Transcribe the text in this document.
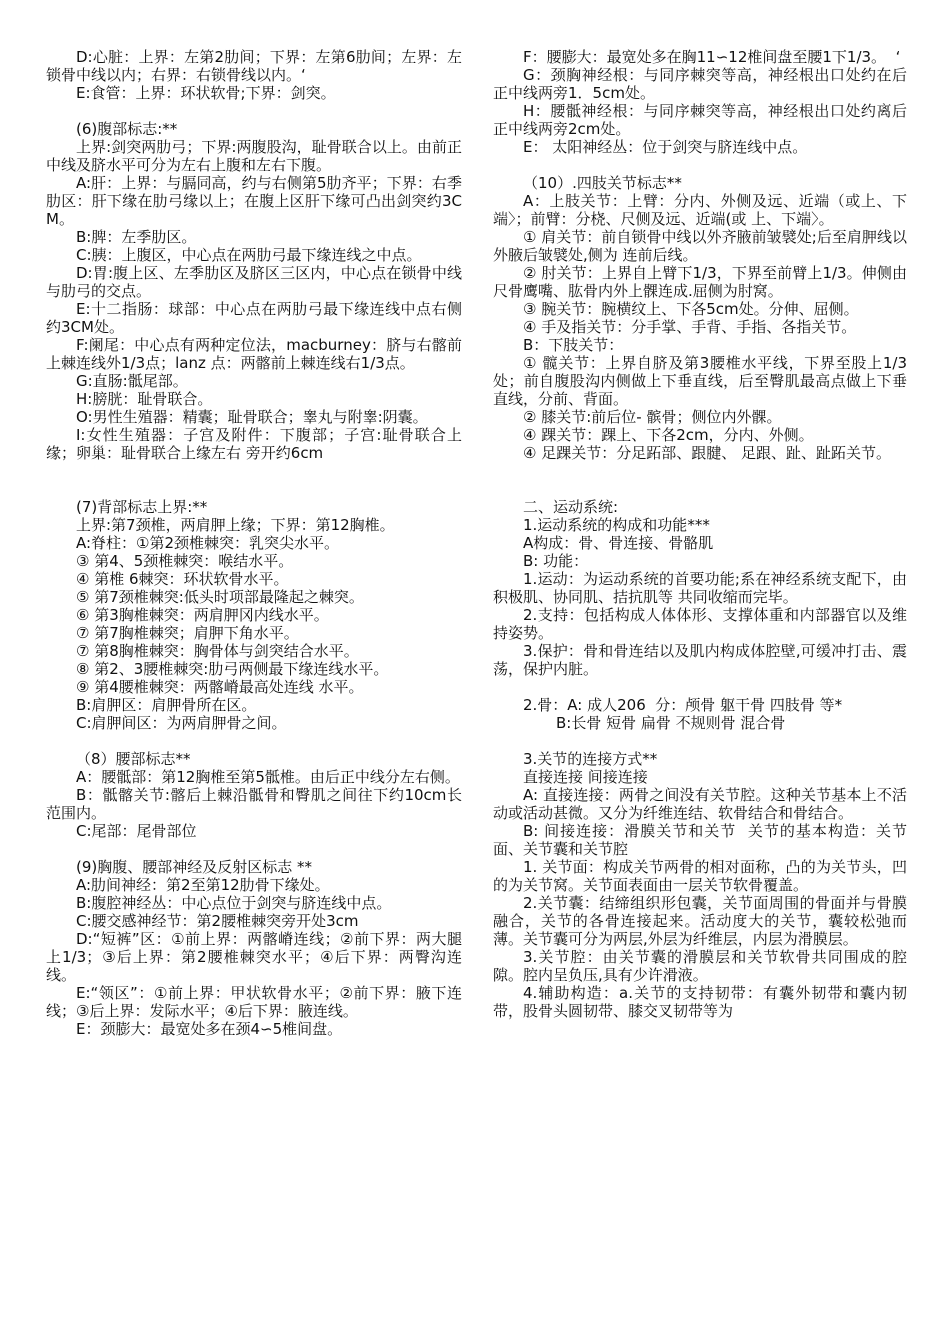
D:心脏：上界：左第2肋间；下界：左第6肋间；左界：左锁骨中线以内；右界：右锁骨线以内。‘

E:食管：上界：环状软骨;下界：剑突。

(6)腹部标志:**

上界:剑突两肋弓；下界:两腹股沟，耻骨联合以上。由前正中线及脐水平可分为左右上腹和左右下腹。

A:肝：上界：与膈同高，约与右侧第5肋齐平；下界：右季肋区：肝下缘在肋弓缘以上；在腹上区肝下缘可凸出剑突约3CM。

B:脾：左季肋区。

C:胰：上腹区，中心点在两肋弓最下缘连线之中点。

D:胃:腹上区、左季肋区及脐区三区内，中心点在锁骨中线与肋弓的交点。

E:十二指肠：球部：中心点在两肋弓最下缘连线中点右侧约3CM处。

F:阑尾：中心点有两种定位法，macburney：脐与右髂前上棘连线外1/3点；lanz 点：两髂前上棘连线右1/3点。

G:直肠:骶尾部。

H:膀胱：耻骨联合。

O:男性生殖器：精囊；耻骨联合；睾丸与附睾:阴囊。

I:女性生殖器：子宫及附件：下腹部；子宫:耻骨联合上缘；卵巢：耻骨联合上缘左右 旁开约6cm

(7)背部标志上界:**

上界:第7颈椎，两肩胛上缘；下界：第12胸椎。

A:脊柱：①第2颈椎棘突：乳突尖水平。

③ 第4、5颈椎棘突：喉结水平。

④ 第椎 6棘突：环状软骨水平。

⑤ 第7颈椎棘突:低头时项部最隆起之棘突。

⑥ 第3胸椎棘突：两肩胛冈内线水平。

⑦ 第7胸椎棘突；肩胛下角水平。

⑦ 第8胸椎棘突：胸骨体与剑突结合水平。

⑧ 第2、3腰椎棘突:肋弓两侧最下缘连线水平。

⑨ 第4腰椎棘突：两髂嵴最高处连线 水平。

B:肩胛区：肩胛骨所在区。

C:肩胛间区：为两肩胛骨之间。

（8）腰部标志**

A：腰骶部：第12胸椎至第5骶椎。由后正中线分左右侧。

B：骶髂关节:髂后上棘沿骶骨和臀肌之间往下约10cm长范围内。

C:尾部：尾骨部位

(9)胸腹、腰部神经及反射区标志 **

A:肋间神经：第2至第12肋骨下缘处。

B:腹腔神经丛：中心点位于剑突与脐连线中点。

C:腰交感神经节：第2腰椎棘突旁开处3cm

D:“短裤”区：①前上界：两髂嵴连线；②前下界：两大腿上1/3；③后上界：第2腰椎棘突水平；④后下界：两臀沟连线。

E:“领区”：①前上界：甲状软骨水平；②前下界：腋下连线；③后上界：发际水平；④后下界：腋连线。

E：颈膨大：最宽处多在颈4∽5椎间盘。

F：腰膨大：最宽处多在胸11∽12椎间盘至腰1下1/3。  ‘

G：颈胸神经根：与同序棘突等高，神经根出口处约在后正中线两旁1．5cm处。

H：腰骶神经根：与同序棘突等高，神经根出口处约离后正中线两旁2cm处。

E： 太阳神经丛：位于剑突与脐连线中点。

（10）.四肢关节标志**

A：上肢关节：上臂：分内、外侧及远、近端（或上、下端〉；前臂：分桡、尺侧及远、近端(或 上、下端〉。

① 肩关节：前自锁骨中线以外齐腋前皱襞处;后至肩胛线以外腋后皱襞处,侧为 连前后线。

② 肘关节：上界自上臂下1/3，下界至前臂上1/3。伸侧由尺骨鹰嘴、肱骨内外上髁连成.屈侧为肘窝。

③ 腕关节：腕横纹上、下各5cm处。分伸、屈侧。

④ 手及指关节：分手掌、手背、手指、各指关节。

B：下肢关节：

① 髋关节：上界自脐及第3腰椎水平线，下界至股上1/3处；前自腹股沟内侧做上下垂直线，后至臀肌最高点做上下垂直线，分前、背面。

② 膝关节:前后位- 髌骨；侧位内外髁。

④ 踝关节：踝上、下各2cm，分内、外侧。

④ 足踝关节：分足跖部、跟腱、 足跟、趾、趾跖关节。

二、运动系统:

1.运动系统的构成和功能***

A构成：骨、骨连接、骨骼肌

B: 功能：

1.运动：为运动系统的首要功能;系在神经系统支配下，由积极肌、协同肌、拮抗肌等 共同收缩而完毕。

2.支持：包括构成人体体形、支撑体重和内部器官以及维持姿势。

3.保护：骨和骨连结以及肌内构成体腔壁,可缓冲打击、震荡，保护内脏。

2.骨：A: 成人206  分：颅骨 躯干骨 四肢骨 等*

B:长骨 短骨 扁骨 不规则骨 混合骨

3.关节的连接方式**

直接连接 间接连接

A: 直接连接：两骨之间没有关节腔。这种关节基本上不活动或活动甚微。又分为纤维连结、软骨结合和骨结合。

B: 间接连接：滑膜关节和关节  关节的基本构造：关节面、关节囊和关节腔

1. 关节面：构成关节两骨的相对面称，凸的为关节头，凹的为关节窝。关节面表面由一层关节软骨覆盖。

2.关节囊：结缔组织形包囊，关节面周围的骨面并与骨膜融合，关节的各骨连接起来。活动度大的关节，囊较松弛而薄。关节囊可分为两层,外层为纤维层，内层为滑膜层。

3.关节腔：由关节囊的滑膜层和关节软骨共同围成的腔隙。腔内呈负压,具有少许滑液。

4.辅助构造：a.关节的支持韧带：有囊外韧带和囊内韧带，股骨头圆韧带、膝交叉韧带等为
